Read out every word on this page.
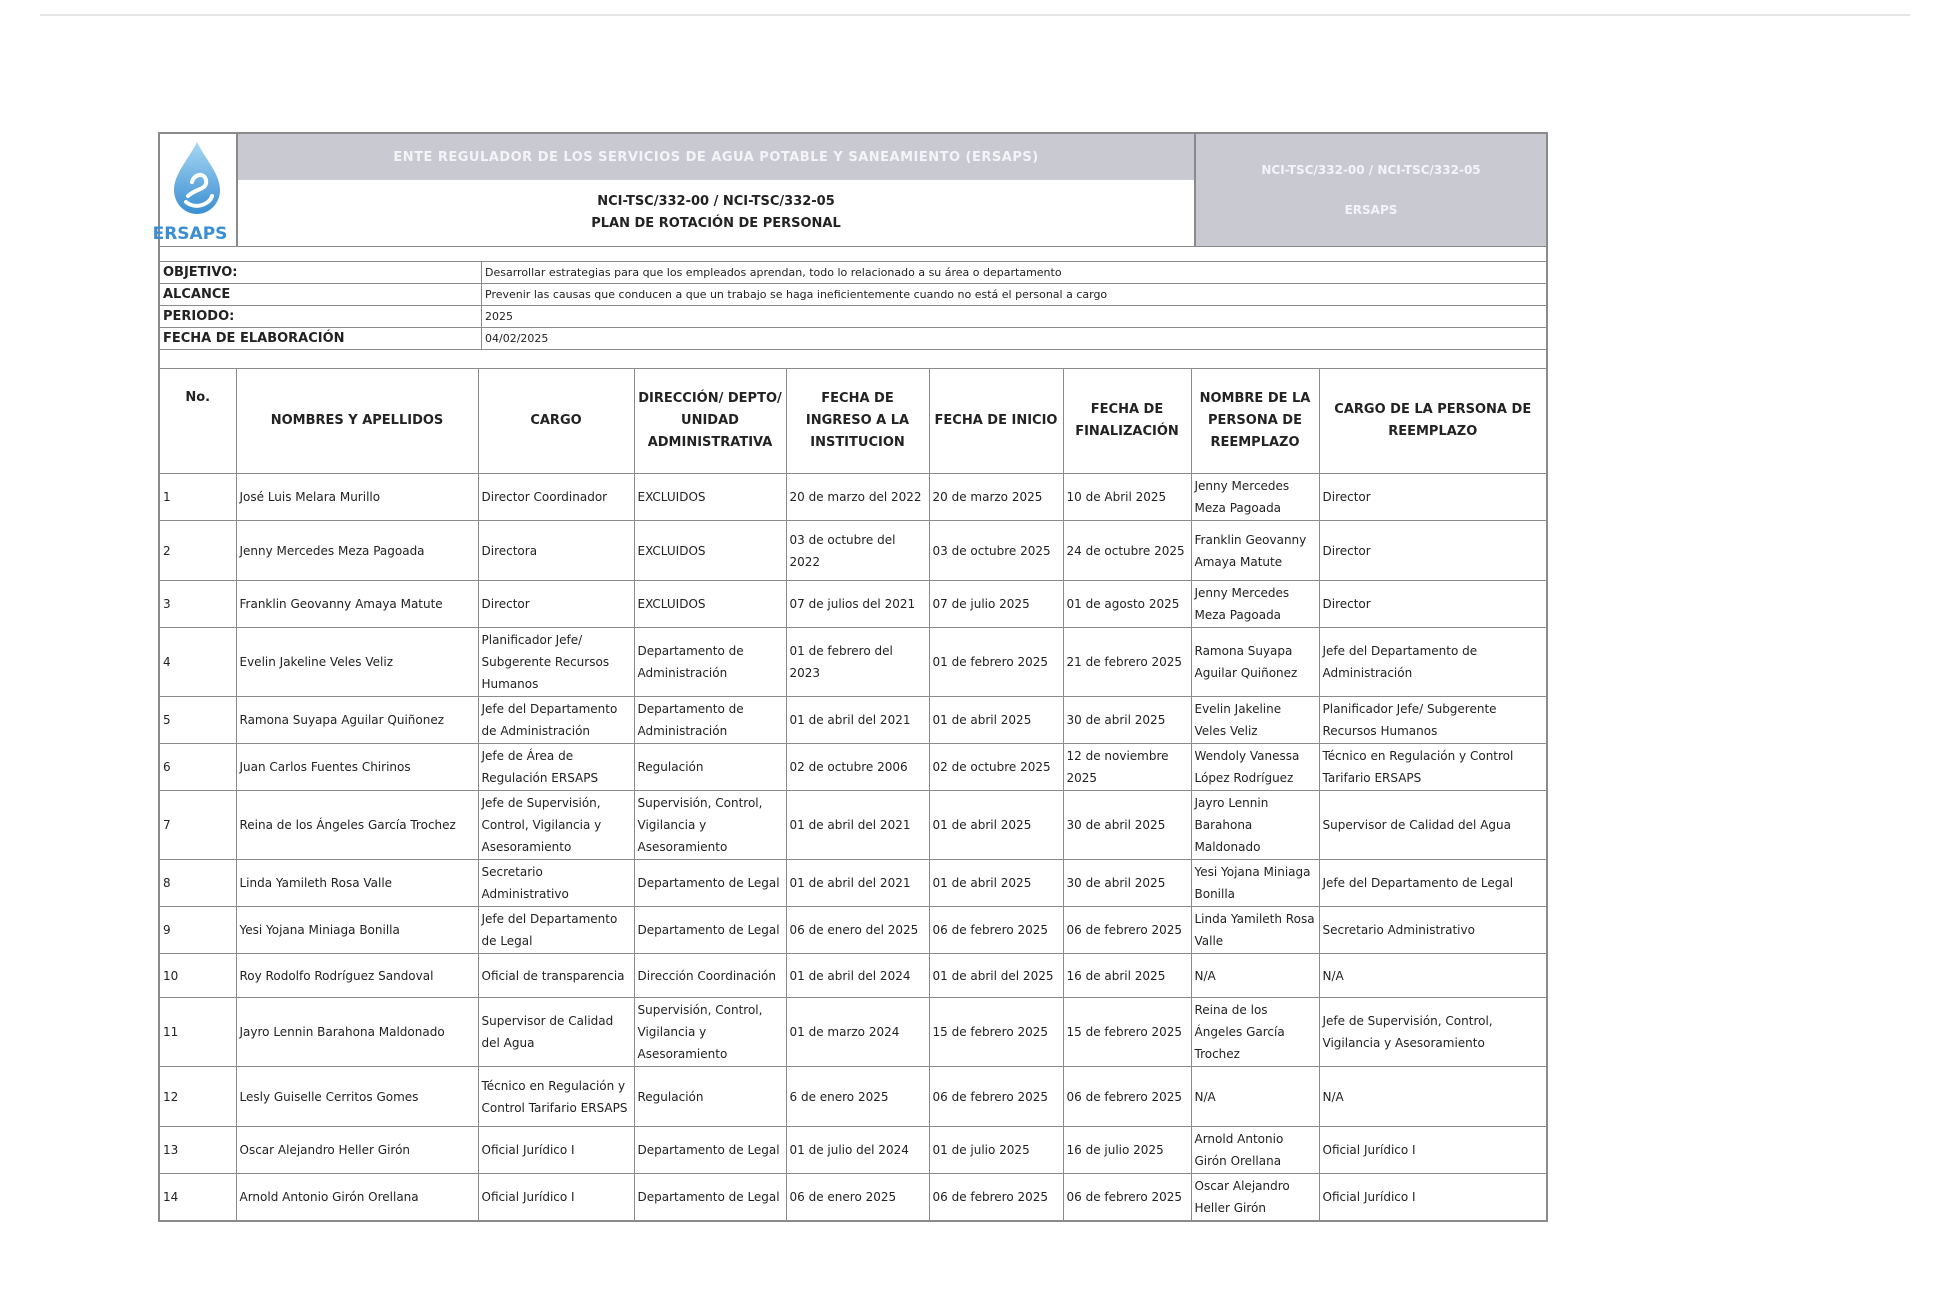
ERSAPS
ENTE REGULADOR DE LOS SERVICIOS DE AGUA POTABLE Y SANEAMIENTO (ERSAPS)
NCI-TSC/332-00 / NCI-TSC/332-05
PLAN DE ROTACIÓN DE PERSONAL
NCI-TSC/332-00 / NCI-TSC/332-05
ERSAPS
OBJETIVO:	Desarrollar estrategias para que los empleados aprendan, todo lo relacionado a su área o departamento
ALCANCE	Prevenir las causas que conducen a que un trabajo se haga ineficientemente cuando no está el personal a cargo
PERIODO:	2025
FECHA DE ELABORACIÓN	04/02/2025
No.	NOMBRES Y APELLIDOS	CARGO	DIRECCIÓN/ DEPTO/ UNIDAD ADMINISTRATIVA	FECHA DE INGRESO A LA INSTITUCION	FECHA DE INICIO	FECHA DE FINALIZACIÓN	NOMBRE DE LA PERSONA DE REEMPLAZO	CARGO DE LA PERSONA DE REEMPLAZO
1	José Luis Melara Murillo	Director Coordinador	EXCLUIDOS	20 de marzo del 2022	20 de marzo 2025	10 de Abril 2025	Jenny Mercedes Meza Pagoada	Director
2	Jenny Mercedes Meza Pagoada	Directora	EXCLUIDOS	03 de octubre del 2022	03 de octubre 2025	24 de octubre 2025	Franklin Geovanny Amaya Matute	Director
3	Franklin Geovanny Amaya Matute	Director	EXCLUIDOS	07 de julios del 2021	07 de julio 2025	01 de agosto 2025	Jenny Mercedes Meza Pagoada	Director
4	Evelin Jakeline Veles Veliz	Planificador Jefe/ Subgerente Recursos Humanos	Departamento de Administración	01 de febrero del 2023	01 de febrero 2025	21 de febrero 2025	Ramona Suyapa Aguilar Quiñonez	Jefe del Departamento de Administración
5	Ramona Suyapa Aguilar Quiñonez	Jefe del Departamento de Administración	Departamento de Administración	01 de abril del 2021	01 de abril 2025	30 de abril 2025	Evelin Jakeline Veles Veliz	Planificador Jefe/ Subgerente Recursos Humanos
6	Juan Carlos Fuentes Chirinos	Jefe de Área de Regulación ERSAPS	Regulación	02 de octubre 2006	02 de octubre 2025	12 de noviembre 2025	Wendoly Vanessa López Rodríguez	Técnico en Regulación y Control Tarifario ERSAPS
7	Reina de los Ángeles García Trochez	Jefe de Supervisión, Control, Vigilancia y Asesoramiento	Supervisión, Control, Vigilancia y Asesoramiento	01 de abril del 2021	01 de abril 2025	30 de abril 2025	Jayro Lennin Barahona Maldonado	Supervisor de Calidad del Agua
8	Linda Yamileth Rosa Valle	Secretario Administrativo	Departamento de Legal	01 de abril del 2021	01 de abril 2025	30 de abril 2025	Yesi Yojana Miniaga Bonilla	Jefe del Departamento de Legal
9	Yesi Yojana Miniaga Bonilla	Jefe del Departamento de Legal	Departamento de Legal	06 de enero del 2025	06 de febrero 2025	06 de febrero 2025	Linda Yamileth Rosa Valle	Secretario Administrativo
10	Roy Rodolfo Rodríguez Sandoval	Oficial de transparencia	Dirección Coordinación	01 de abril del 2024	01 de abril del 2025	16 de abril 2025	N/A	N/A
11	Jayro Lennin Barahona Maldonado	Supervisor de Calidad del Agua	Supervisión, Control, Vigilancia y Asesoramiento	01 de marzo 2024	15 de febrero 2025	15 de febrero 2025	Reina de los Ángeles García Trochez	Jefe de Supervisión, Control, Vigilancia y Asesoramiento
12	Lesly Guiselle Cerritos Gomes	Técnico en Regulación y Control Tarifario ERSAPS	Regulación	6 de enero 2025	06 de febrero 2025	06 de febrero 2025	N/A	N/A
13	Oscar Alejandro Heller Girón	Oficial Jurídico I	Departamento de Legal	01 de julio del 2024	01 de julio 2025	16 de julio 2025	Arnold Antonio Girón Orellana	Oficial Jurídico I
14	Arnold Antonio Girón Orellana	Oficial Jurídico I	Departamento de Legal	06 de enero 2025	06 de febrero 2025	06 de febrero 2025	Oscar Alejandro Heller Girón	Oficial Jurídico I
